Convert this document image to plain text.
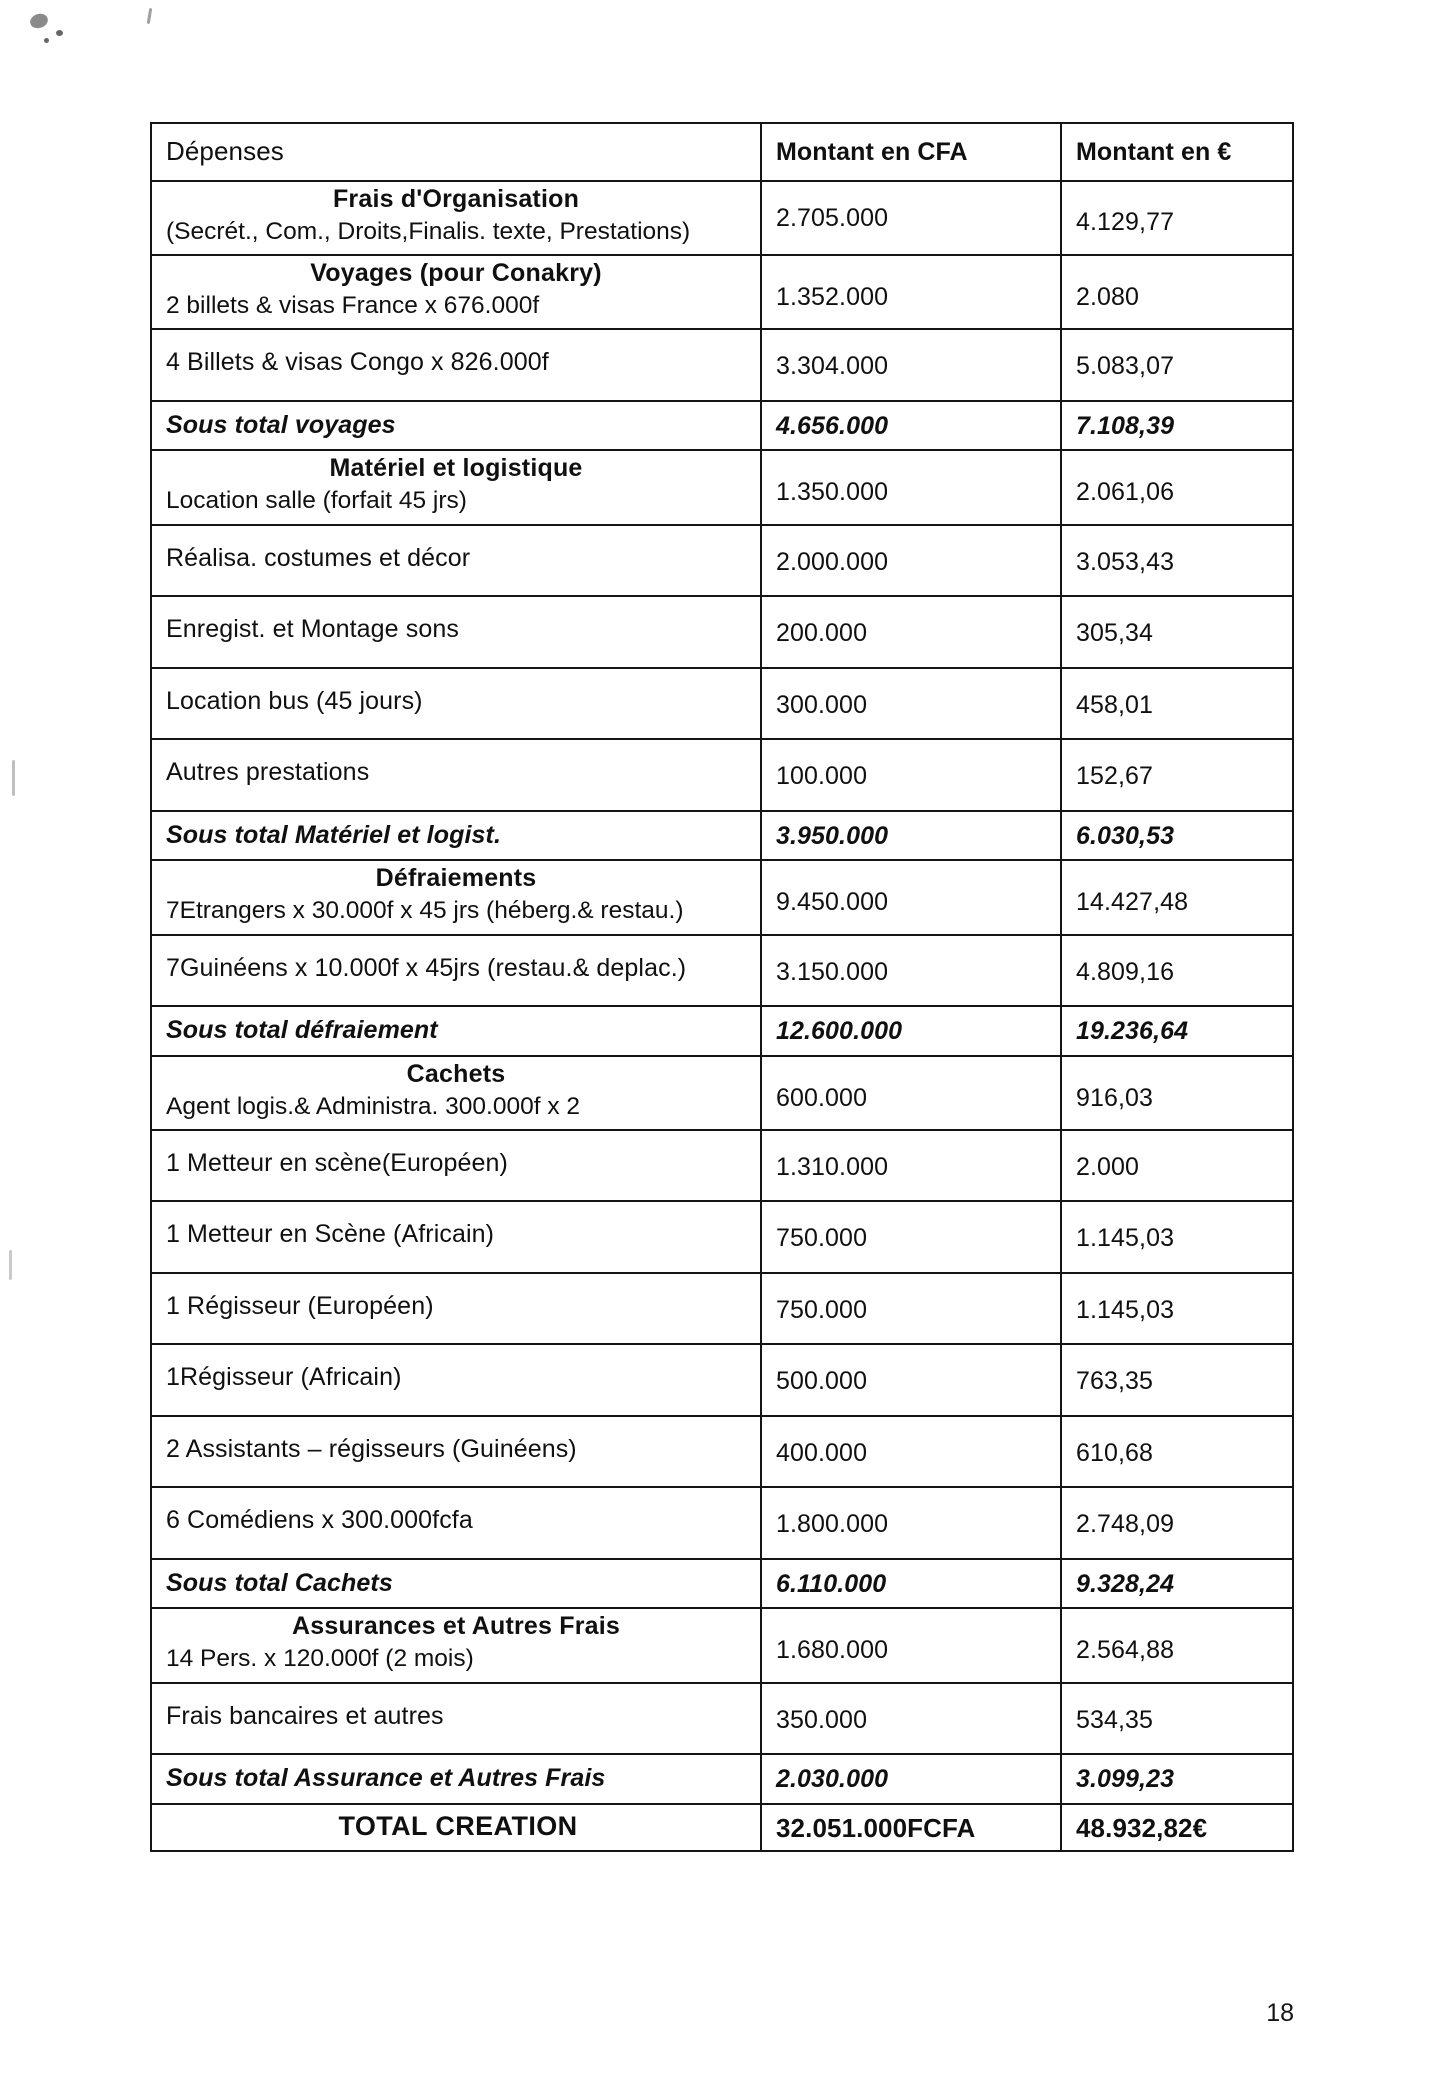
Dépenses	Montant en CFA	Montant en €

Frais d'Organisation
(Secrét., Com., Droits,Finalis. texte, Prestations)	2.705.000	4.129,77

Voyages (pour Conakry)
2 billets & visas France x 676.000f	1.352.000	2.080

4 Billets & visas Congo x 826.000f	3.304.000	5.083,07

Sous total voyages	4.656.000	7.108,39

Matériel et logistique
Location salle (forfait 45 jrs)	1.350.000	2.061,06

Réalisa. costumes et décor	2.000.000	3.053,43

Enregist. et Montage sons	200.000	305,34

Location bus (45 jours)	300.000	458,01

Autres prestations	100.000	152,67

Sous total Matériel et logist.	3.950.000	6.030,53

Défraiements
7Etrangers x 30.000f x 45 jrs (héberg.& restau.)	9.450.000	14.427,48

7Guinéens x 10.000f x 45jrs (restau.& deplac.)	3.150.000	4.809,16

Sous total défraiement	12.600.000	19.236,64

Cachets
Agent logis.& Administra. 300.000f x 2	600.000	916,03

1 Metteur en scène(Européen)	1.310.000	2.000

1 Metteur en Scène (Africain)	750.000	1.145,03

1 Régisseur (Européen)	750.000	1.145,03

1Régisseur (Africain)	500.000	763,35

2 Assistants – régisseurs (Guinéens)	400.000	610,68

6 Comédiens x 300.000fcfa	1.800.000	2.748,09

Sous total Cachets	6.110.000	9.328,24

Assurances et Autres Frais
14 Pers. x 120.000f (2 mois)	1.680.000	2.564,88

Frais bancaires et autres	350.000	534,35

Sous total Assurance et Autres Frais	2.030.000	3.099,23

TOTAL CREATION	32.051.000FCFA	48.932,82€
18
